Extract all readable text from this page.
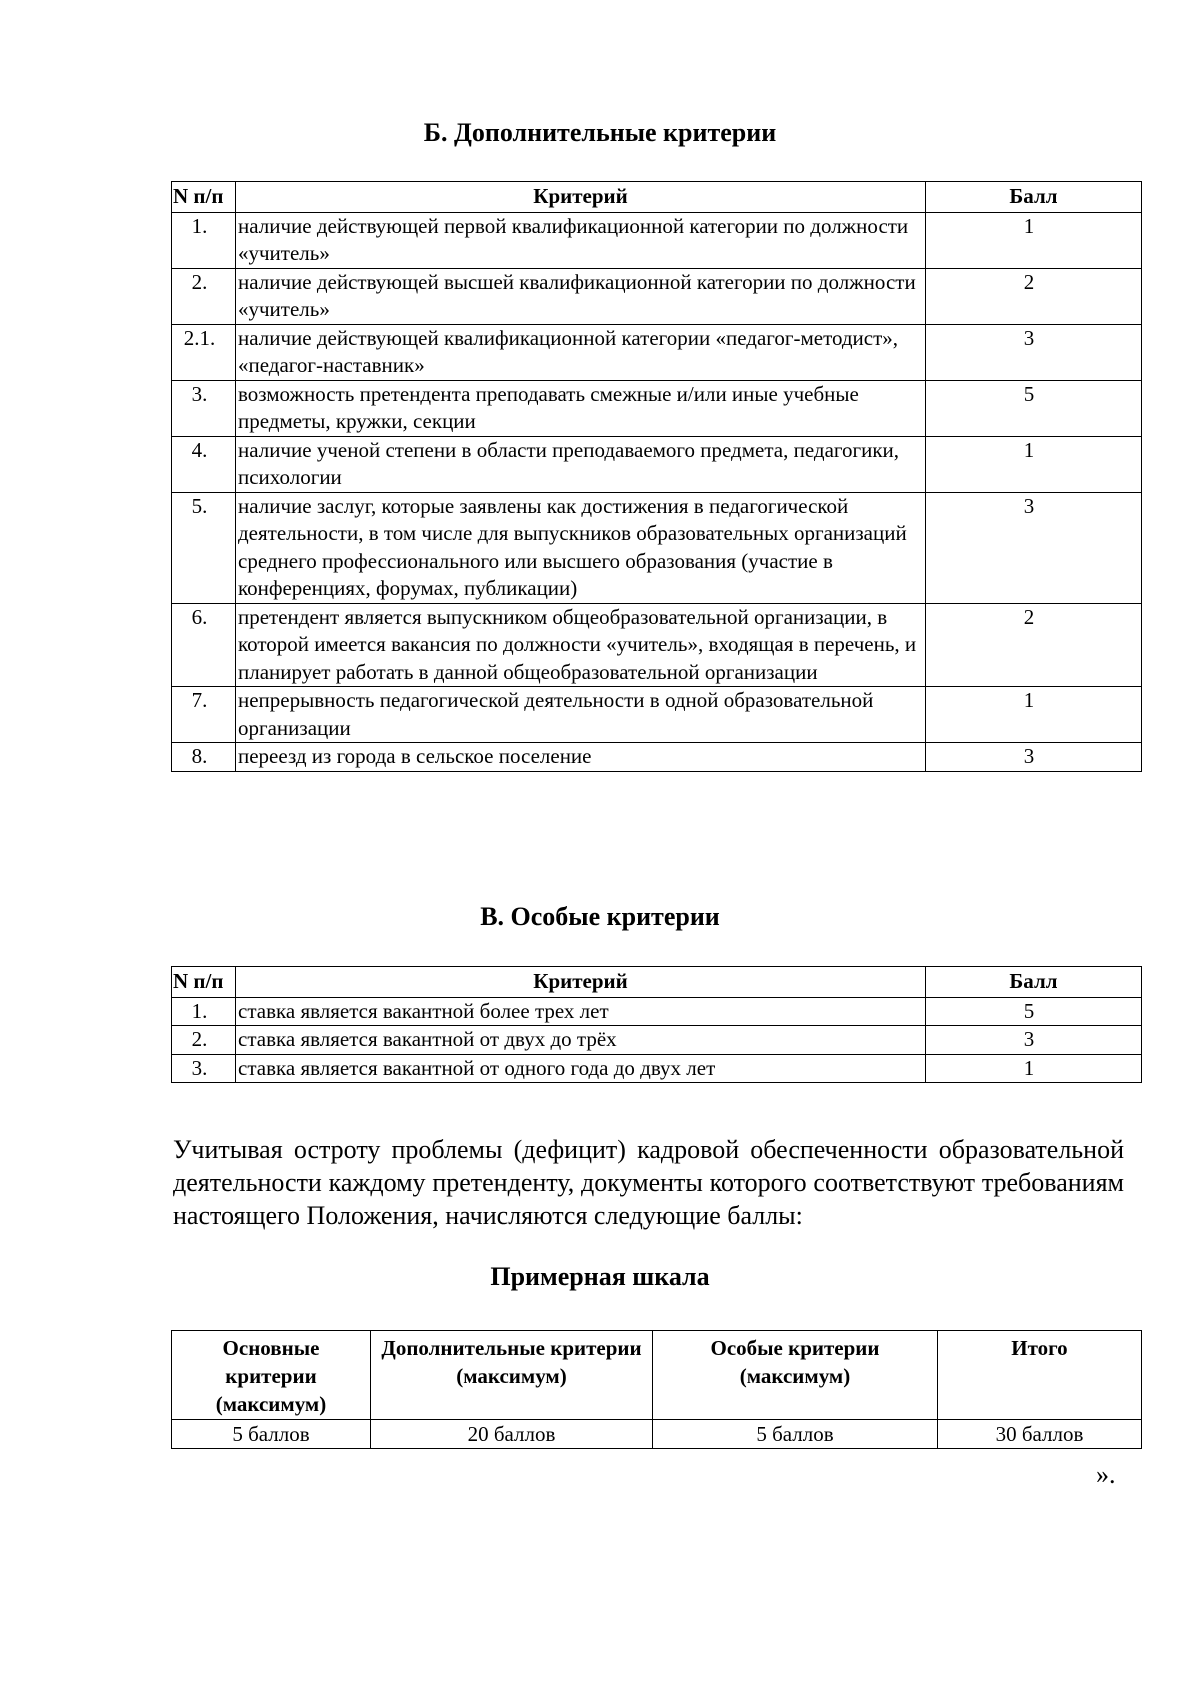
Б. Дополнительные критерии
N п/п	Критерий	Балл
1.	наличие действующей первой квалификационной категории по должности «учитель»	1
2.	наличие действующей высшей квалификационной категории по должности «учитель»	2
2.1.	наличие действующей квалификационной категории «педагог-методист», «педагог-наставник»	3
3.	возможность претендента преподавать смежные и/или иные учебные предметы, кружки, секции	5
4.	наличие ученой степени в области преподаваемого предмета, педагогики, психологии	1
5.	наличие заслуг, которые заявлены как достижения в педагогической деятельности, в том числе для выпускников образовательных организаций среднего профессионального или высшего образования (участие в конференциях, форумах, публикации)	3
6.	претендент является выпускником общеобразовательной организации, в которой имеется вакансия по должности «учитель», входящая в перечень, и планирует работать в данной общеобразовательной организации	2
7.	непрерывность педагогической деятельности в одной образовательной организации	1
8.	переезд из города в сельское поселение	3
В. Особые критерии
N п/п	Критерий	Балл
1.	ставка является вакантной более трех лет	5
2.	ставка является вакантной от двух до трёх	3
3.	ставка является вакантной от одного года до двух лет	1
Учитывая остроту проблемы (дефицит) кадровой обеспеченности образовательной деятельности каждому претенденту, документы которого соответствуют требованиям настоящего Положения, начисляются следующие баллы:
Примерная шкала
Основные критерии (максимум)	Дополнительные критерии (максимум)	Особые критерии (максимум)	Итого
5 баллов	20 баллов	5 баллов	30 баллов
».
